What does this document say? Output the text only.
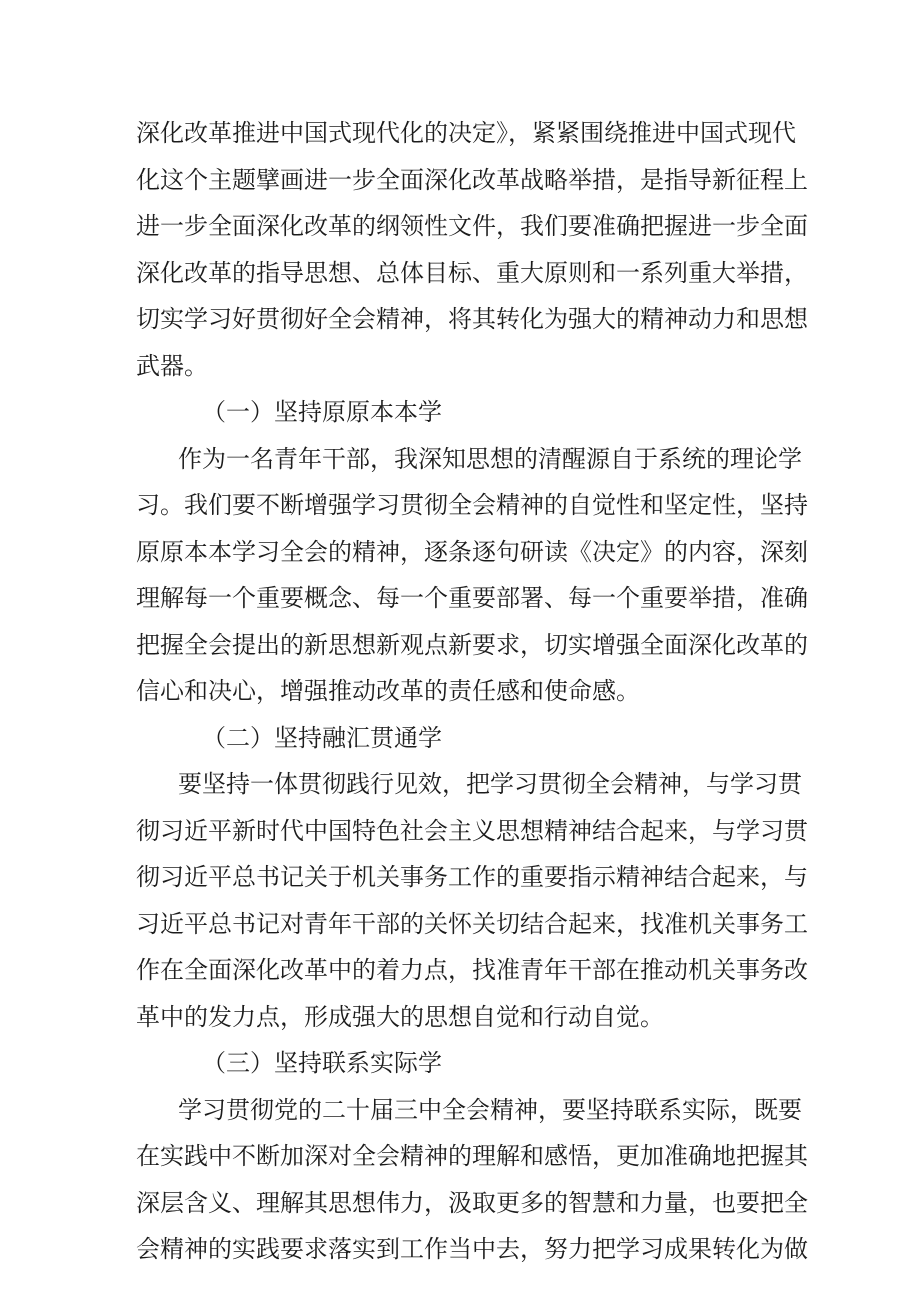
深化改革推进中国式现代化的决定》，紧紧围绕推进中国式现代
化这个主题擘画进一步全面深化改革战略举措，是指导新征程上
进一步全面深化改革的纲领性文件，我们要准确把握进一步全面
深化改革的指导思想、总体目标、重大原则和一系列重大举措，
切实学习好贯彻好全会精神，将其转化为强大的精神动力和思想
武器。
（一）坚持原原本本学
作为一名青年干部，我深知思想的清醒源自于系统的理论学
习。我们要不断增强学习贯彻全会精神的自觉性和坚定性，坚持
原原本本学习全会的精神，逐条逐句研读《决定》的内容，深刻
理解每一个重要概念、每一个重要部署、每一个重要举措，准确
把握全会提出的新思想新观点新要求，切实增强全面深化改革的
信心和决心，增强推动改革的责任感和使命感。
（二）坚持融汇贯通学
要坚持一体贯彻践行见效，把学习贯彻全会精神，与学习贯
彻习近平新时代中国特色社会主义思想精神结合起来，与学习贯
彻习近平总书记关于机关事务工作的重要指示精神结合起来，与
习近平总书记对青年干部的关怀关切结合起来，找准机关事务工
作在全面深化改革中的着力点，找准青年干部在推动机关事务改
革中的发力点，形成强大的思想自觉和行动自觉。
（三）坚持联系实际学
学习贯彻党的二十届三中全会精神，要坚持联系实际，既要
在实践中不断加深对全会精神的理解和感悟，更加准确地把握其
深层含义、理解其思想伟力，汲取更多的智慧和力量，也要把全
会精神的实践要求落实到工作当中去，努力把学习成果转化为做
